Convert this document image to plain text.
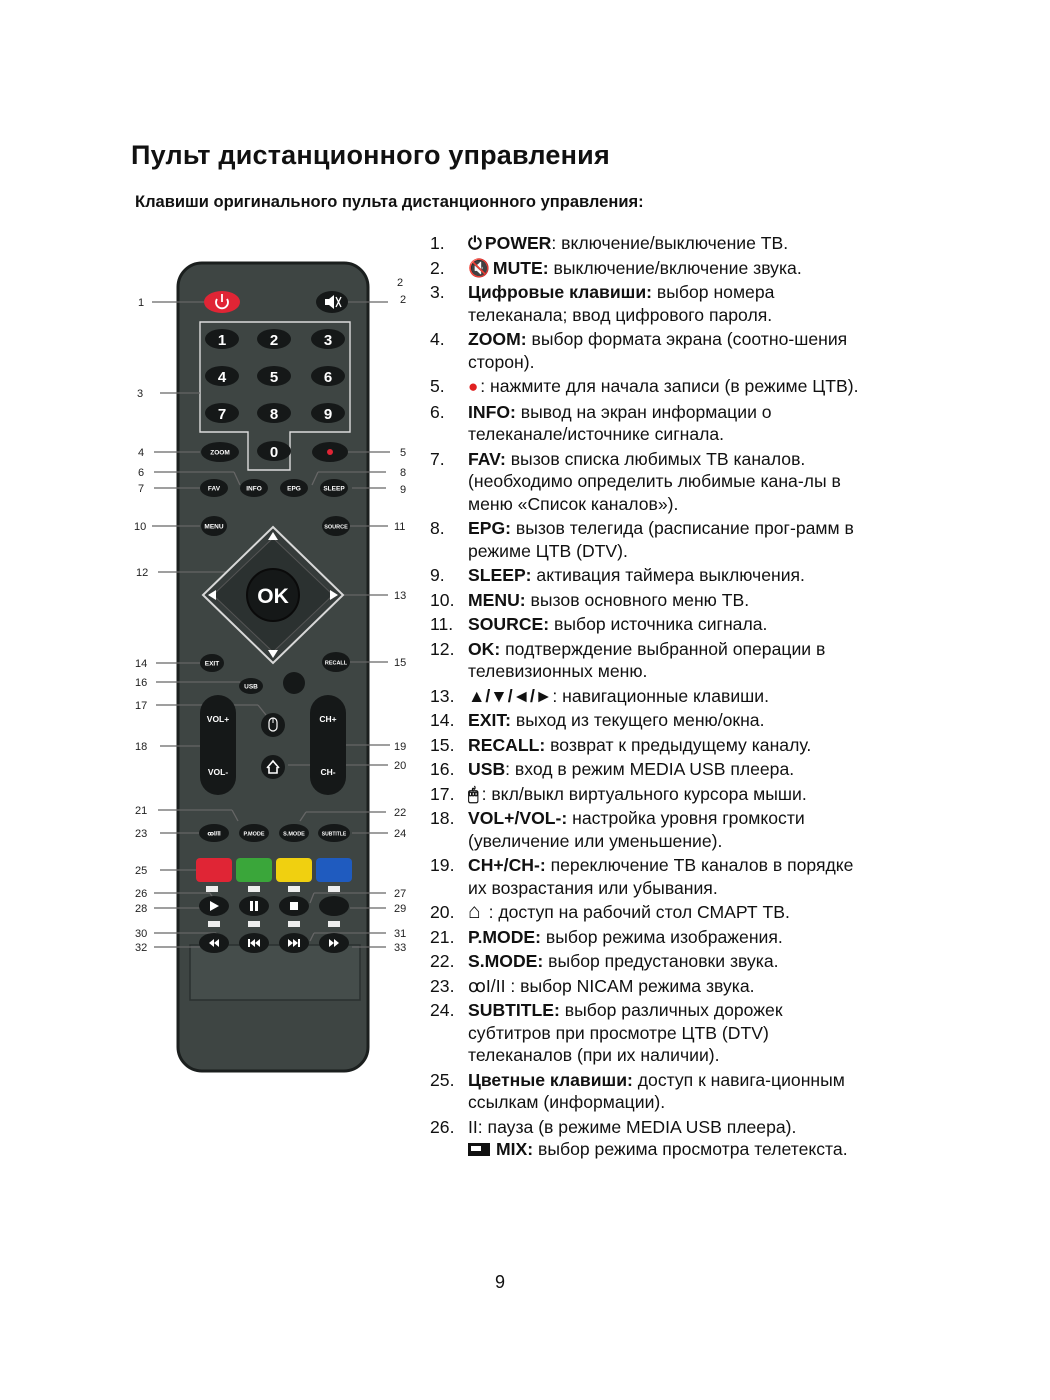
Пульт дистанционного управления
Клавиши оригинального пульта дистанционного управления:
1
2
2
3
4	5
6
7
8
9
10	11
12
13
14	15
16
17
18	19
20
21	22
23	24
25
26	27
28	29
30	31
32	33
1	2	3
4	5	6
7	8	9
0
ZOOM
FAV	INFO	EPG	SLEEP
MENU	SOURCE
OK
EXIT	RECALL
USB
VOL+
VOL-
CH+
CH-
ꝏI/II	P.MODE	S.MODE	SUBTITLE
1.	⏻ POWER: включение/выключение ТВ.
2.	🔇 MUTE: выключение/включение звука.
3.	Цифровые клавиши: выбор номера телеканала; ввод цифрового пароля.
4.	ZOOM: выбор формата экрана (соотно-шения сторон).
5.	● : нажмите для начала записи (в режиме ЦТВ).
6.	INFO: вывод на экран информации о телеканале/источнике сигнала.
7.	FAV: вызов списка любимых ТВ каналов. (необходимо определить любимые кана-лы в меню «Список каналов»).
8.	EPG: вызов телегида (расписание прог-рамм в режиме ЦТВ (DTV).
9.	SLEEP: активация таймера выключения.
10. MENU: вызов основного меню ТВ.
11. SOURCE: выбор источника сигнала.
12. OK: подтверждение выбранной операции в телевизионных меню.
13. ▲/▼/◄/►: навигационные клавиши.
14. EXIT: выход из текущего меню/окна.
15. RECALL: возврат к предыдущему каналу.
16. USB: вход в режим MEDIA USB плеера.
17. 🖱 : вкл/выкл виртуального курсора мыши.
18. VOL+/VOL-: настройка уровня громкости (увеличение или уменьшение).
19. CH+/CH-: переключение ТВ каналов в порядке их возрастания или убывания.
20. ⌂ : доступ на рабочий стол СМАРТ ТВ.
21. P.MODE: выбор режима изображения.
22. S.MODE: выбор предустановки звука.
23. ꝏI/II : выбор NICAM режима звука.
24. SUBTITLE: выбор различных дорожек субтитров при просмотре ЦТВ (DTV) телеканалов (при их наличии).
25. Цветные клавиши: доступ к навига-ционным ссылкам (информации).
26. II: пауза (в режиме MEDIA USB плеера).
MIX: выбор режима просмотра телетекста.
9
